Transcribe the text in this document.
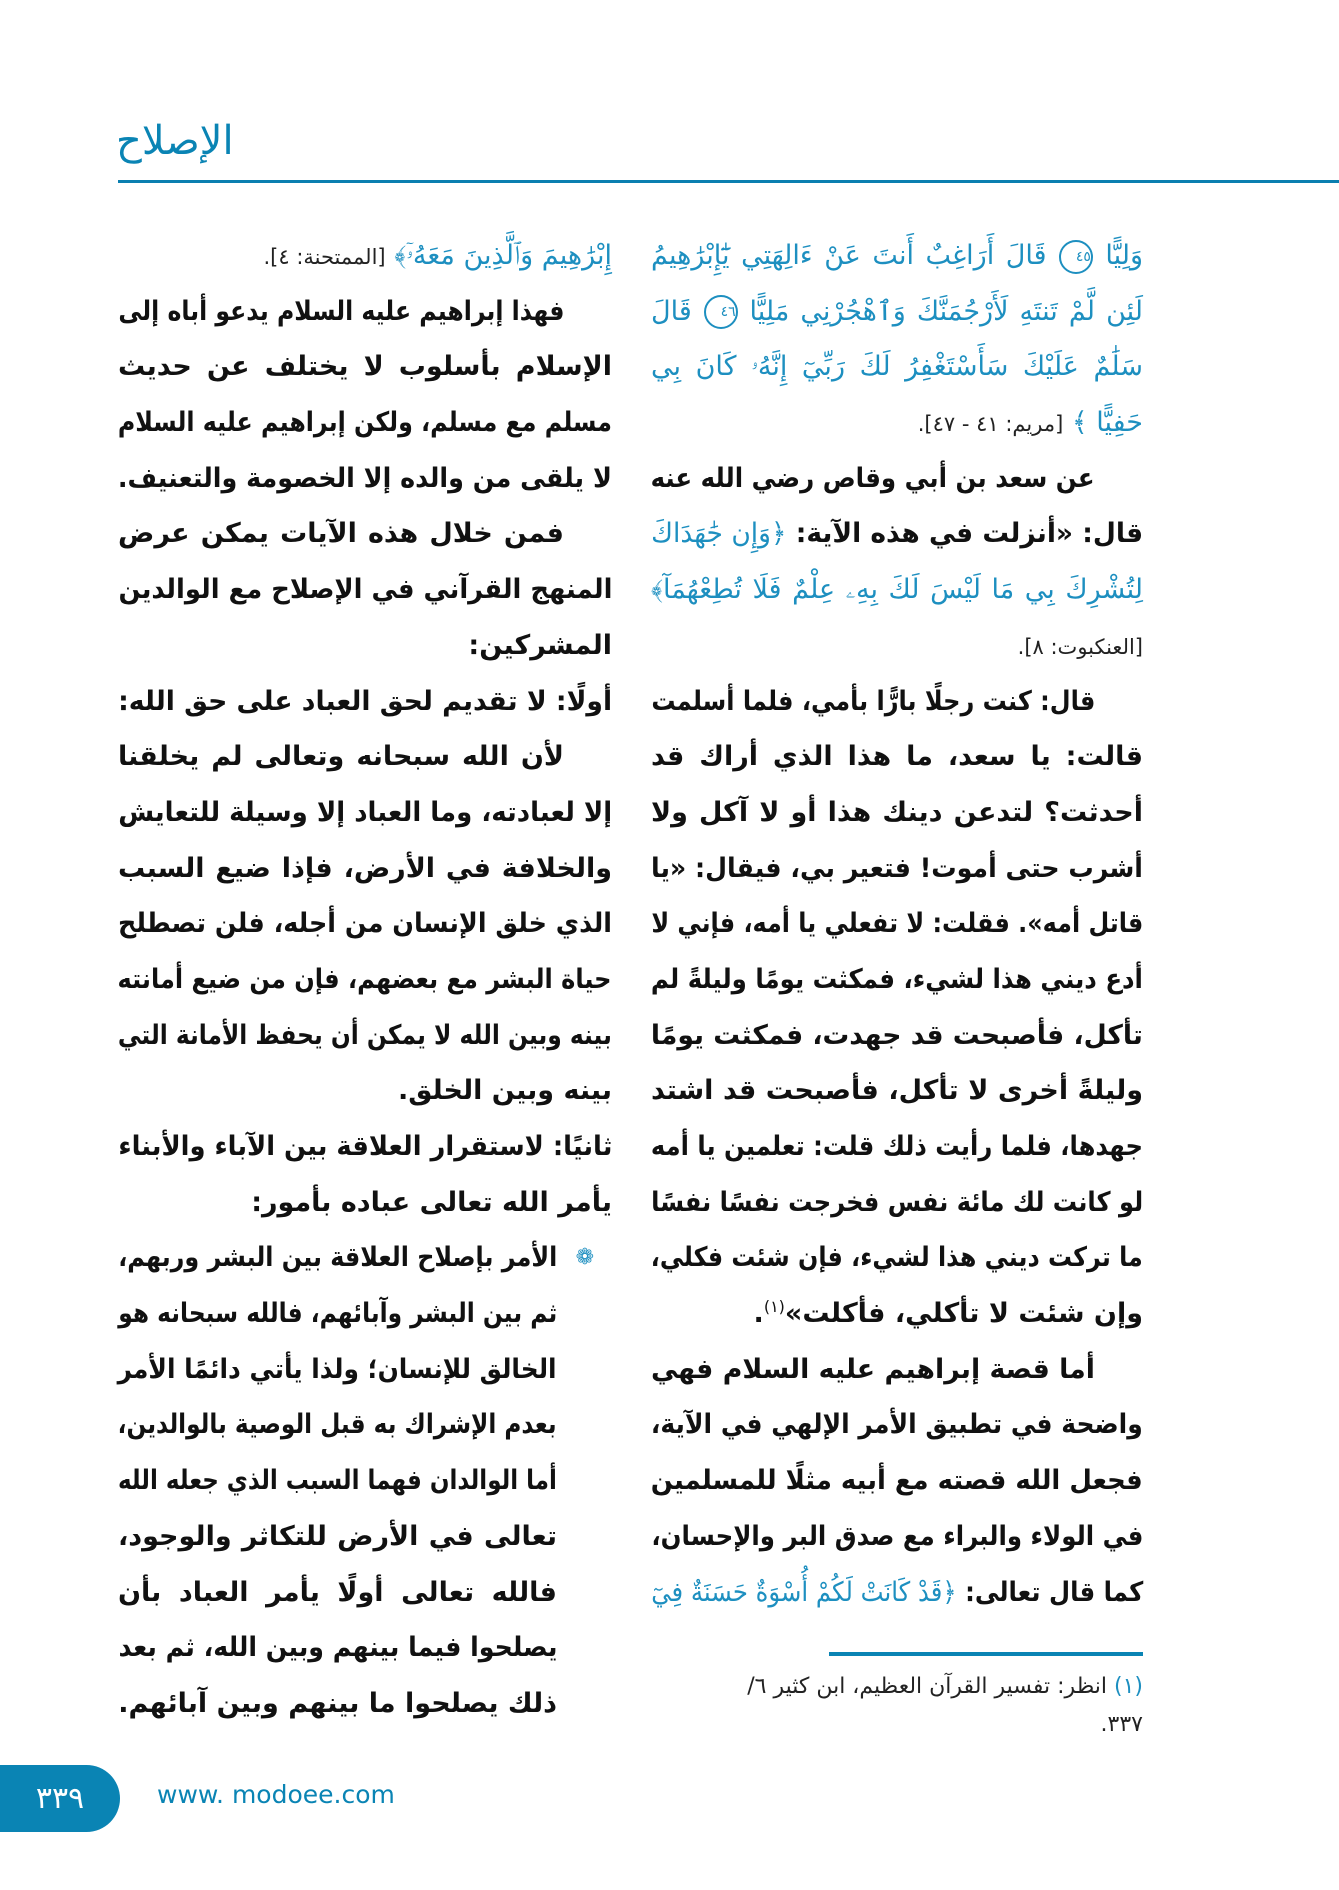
الإصلاح
وَلِيًّا ٤٥ قَالَ أَرَاغِبٌ أَنتَ عَنْ ءَالِهَتِي يَٰٓإِبْرَٰهِيمُ
لَئِن لَّمْ تَنتَهِ لَأَرْجُمَنَّكَ وَٱهْجُرْنِي مَلِيًّا ٤٦ قَالَ
سَلَٰمٌ عَلَيْكَ سَأَسْتَغْفِرُ لَكَ رَبِّيٓ إِنَّهُۥ كَانَ بِي
حَفِيًّا ﴾ [مريم: ٤١ - ٤٧].
عن سعد بن أبي وقاص رضي الله عنه
قال: «أنزلت في هذه الآية: ﴿وَإِن جَٰهَدَاكَ
لِتُشْرِكَ بِي مَا لَيْسَ لَكَ بِهِۦ عِلْمٌ فَلَا تُطِعْهُمَآ﴾
[العنكبوت: ٨].
قال: كنت رجلًا بارًّا بأمي، فلما أسلمت
قالت: يا سعد، ما هذا الذي أراك قد
أحدثت؟ لتدعن دينك هذا أو لا آكل ولا
أشرب حتى أموت! فتعير بي، فيقال: «يا
قاتل أمه». فقلت: لا تفعلي يا أمه، فإني لا
أدع ديني هذا لشيء، فمكثت يومًا وليلةً لم
تأكل، فأصبحت قد جهدت، فمكثت يومًا
وليلةً أخرى لا تأكل، فأصبحت قد اشتد
جهدها، فلما رأيت ذلك قلت: تعلمين يا أمه
لو كانت لك مائة نفس فخرجت نفسًا نفسًا
ما تركت ديني هذا لشيء، فإن شئت فكلي،
وإن شئت لا تأكلي، فأكلت»$^{(١)}$.
أما قصة إبراهيم عليه السلام فهي
واضحة في تطبيق الأمر الإلهي في الآية،
فجعل الله قصته مع أبيه مثلًا للمسلمين
في الولاء والبراء مع صدق البر والإحسان،
كما قال تعالى: ﴿قَدْ كَانَتْ لَكُمْ أُسْوَةٌ حَسَنَةٌ فِيٓ
إِبْرَٰهِيمَ وَٱلَّذِينَ مَعَهُۥٓ﴾ [الممتحنة: ٤].
فهذا إبراهيم عليه السلام يدعو أباه إلى
الإسلام بأسلوب لا يختلف عن حديث
مسلم مع مسلم، ولكن إبراهيم عليه السلام
لا يلقى من والده إلا الخصومة والتعنيف.
فمن خلال هذه الآيات يمكن عرض
المنهج القرآني في الإصلاح مع الوالدين
المشركين:
أولًا: لا تقديم لحق العباد على حق الله:
لأن الله سبحانه وتعالى لم يخلقنا
إلا لعبادته، وما العباد إلا وسيلة للتعايش
والخلافة في الأرض، فإذا ضيع السبب
الذي خلق الإنسان من أجله، فلن تصطلح
حياة البشر مع بعضهم، فإن من ضيع أمانته
بينه وبين الله لا يمكن أن يحفظ الأمانة التي
بينه وبين الخلق.
ثانيًا: لاستقرار العلاقة بين الآباء والأبناء
يأمر الله تعالى عباده بأمور:
❁
الأمر بإصلاح العلاقة بين البشر وربهم،
ثم بين البشر وآبائهم، فالله سبحانه هو
الخالق للإنسان؛ ولذا يأتي دائمًا الأمر
بعدم الإشراك به قبل الوصية بالوالدين،
أما الوالدان فهما السبب الذي جعله الله
تعالى في الأرض للتكاثر والوجود،
فالله تعالى أولًا يأمر العباد بأن
يصلحوا فيما بينهم وبين الله، ثم بعد
ذلك يصلحوا ما بينهم وبين آبائهم.
(١) انظر: تفسير القرآن العظيم، ابن كثير ٦/
٣٣٧.
٣٣٩	www. modoee.com
